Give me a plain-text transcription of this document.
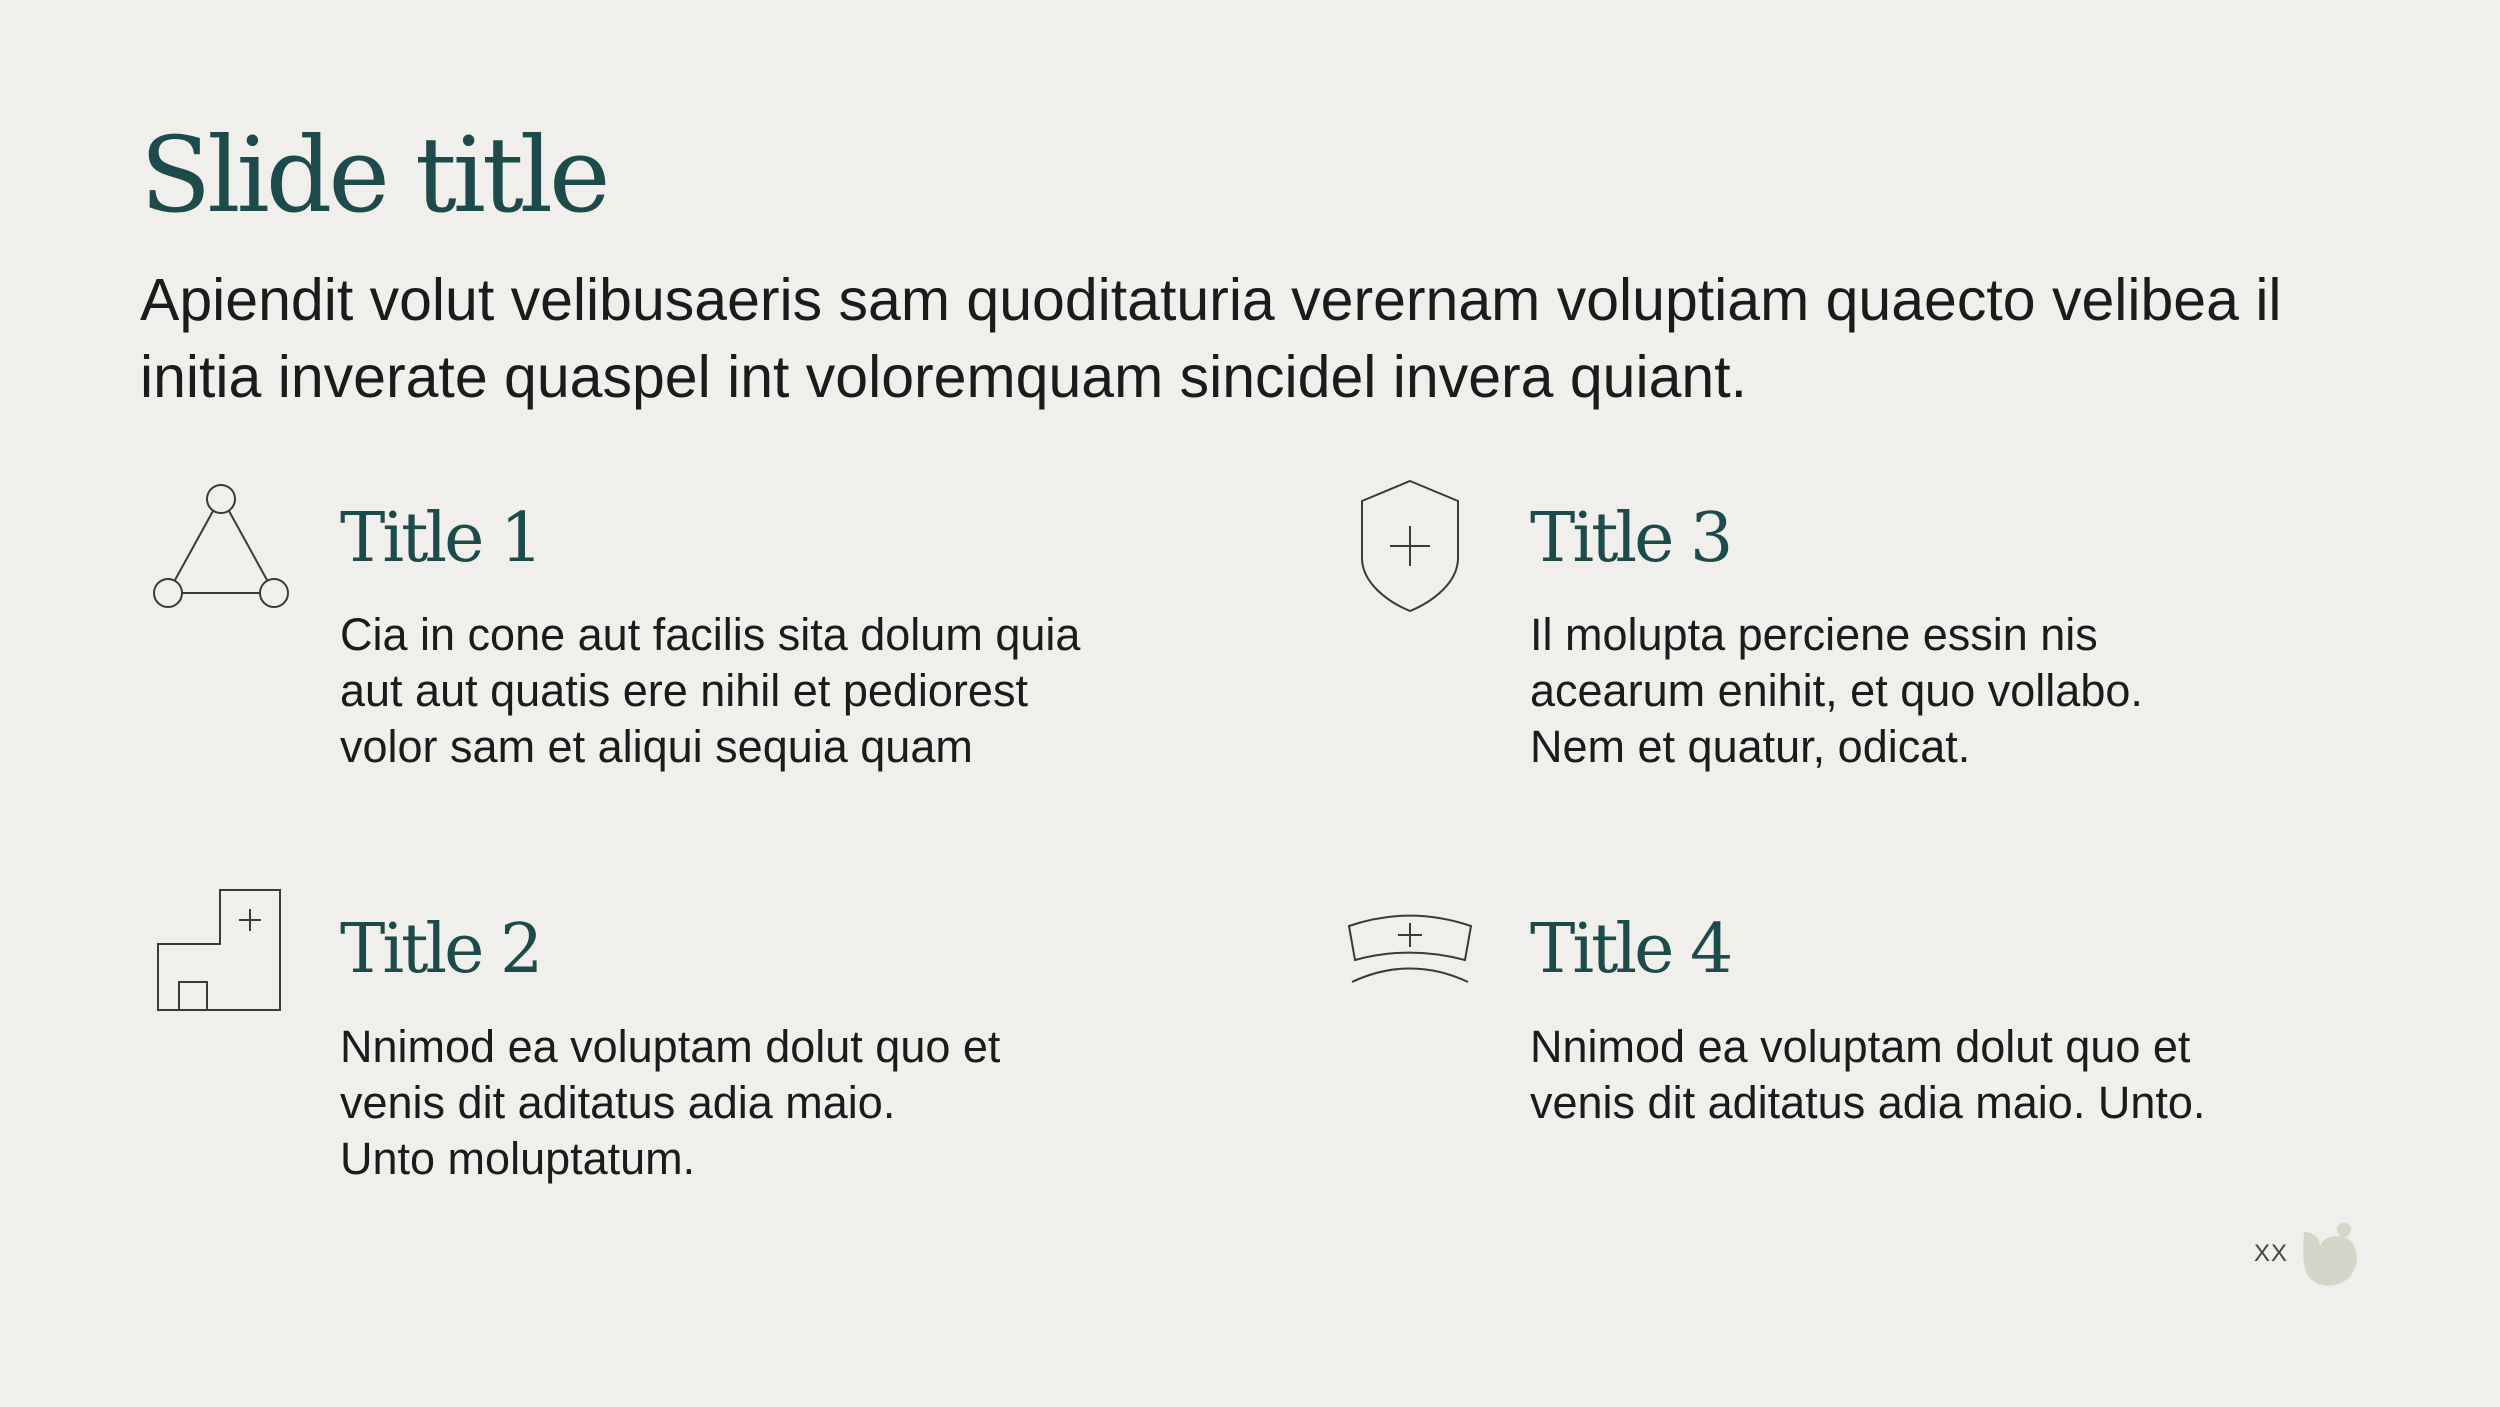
Slide title

Apiendit volut velibusaeris sam quoditaturia verernam voluptiam quaecto velibea il initia inverate quaspel int voloremquam sincidel invera quiant.

Title 1

Cia in cone aut facilis sita dolum quia
aut aut quatis ere nihil et pediorest
volor sam et aliqui sequia quam

Title 2

Nnimod ea voluptam dolut quo et
venis dit aditatus adia maio.
Unto moluptatum.

Title 3

Il molupta perciene essin nis
acearum enihit, et quo vollabo.
Nem et quatur, odicat.

Title 4

Nnimod ea voluptam dolut quo et
venis dit aditatus adia maio. Unto.

XX
